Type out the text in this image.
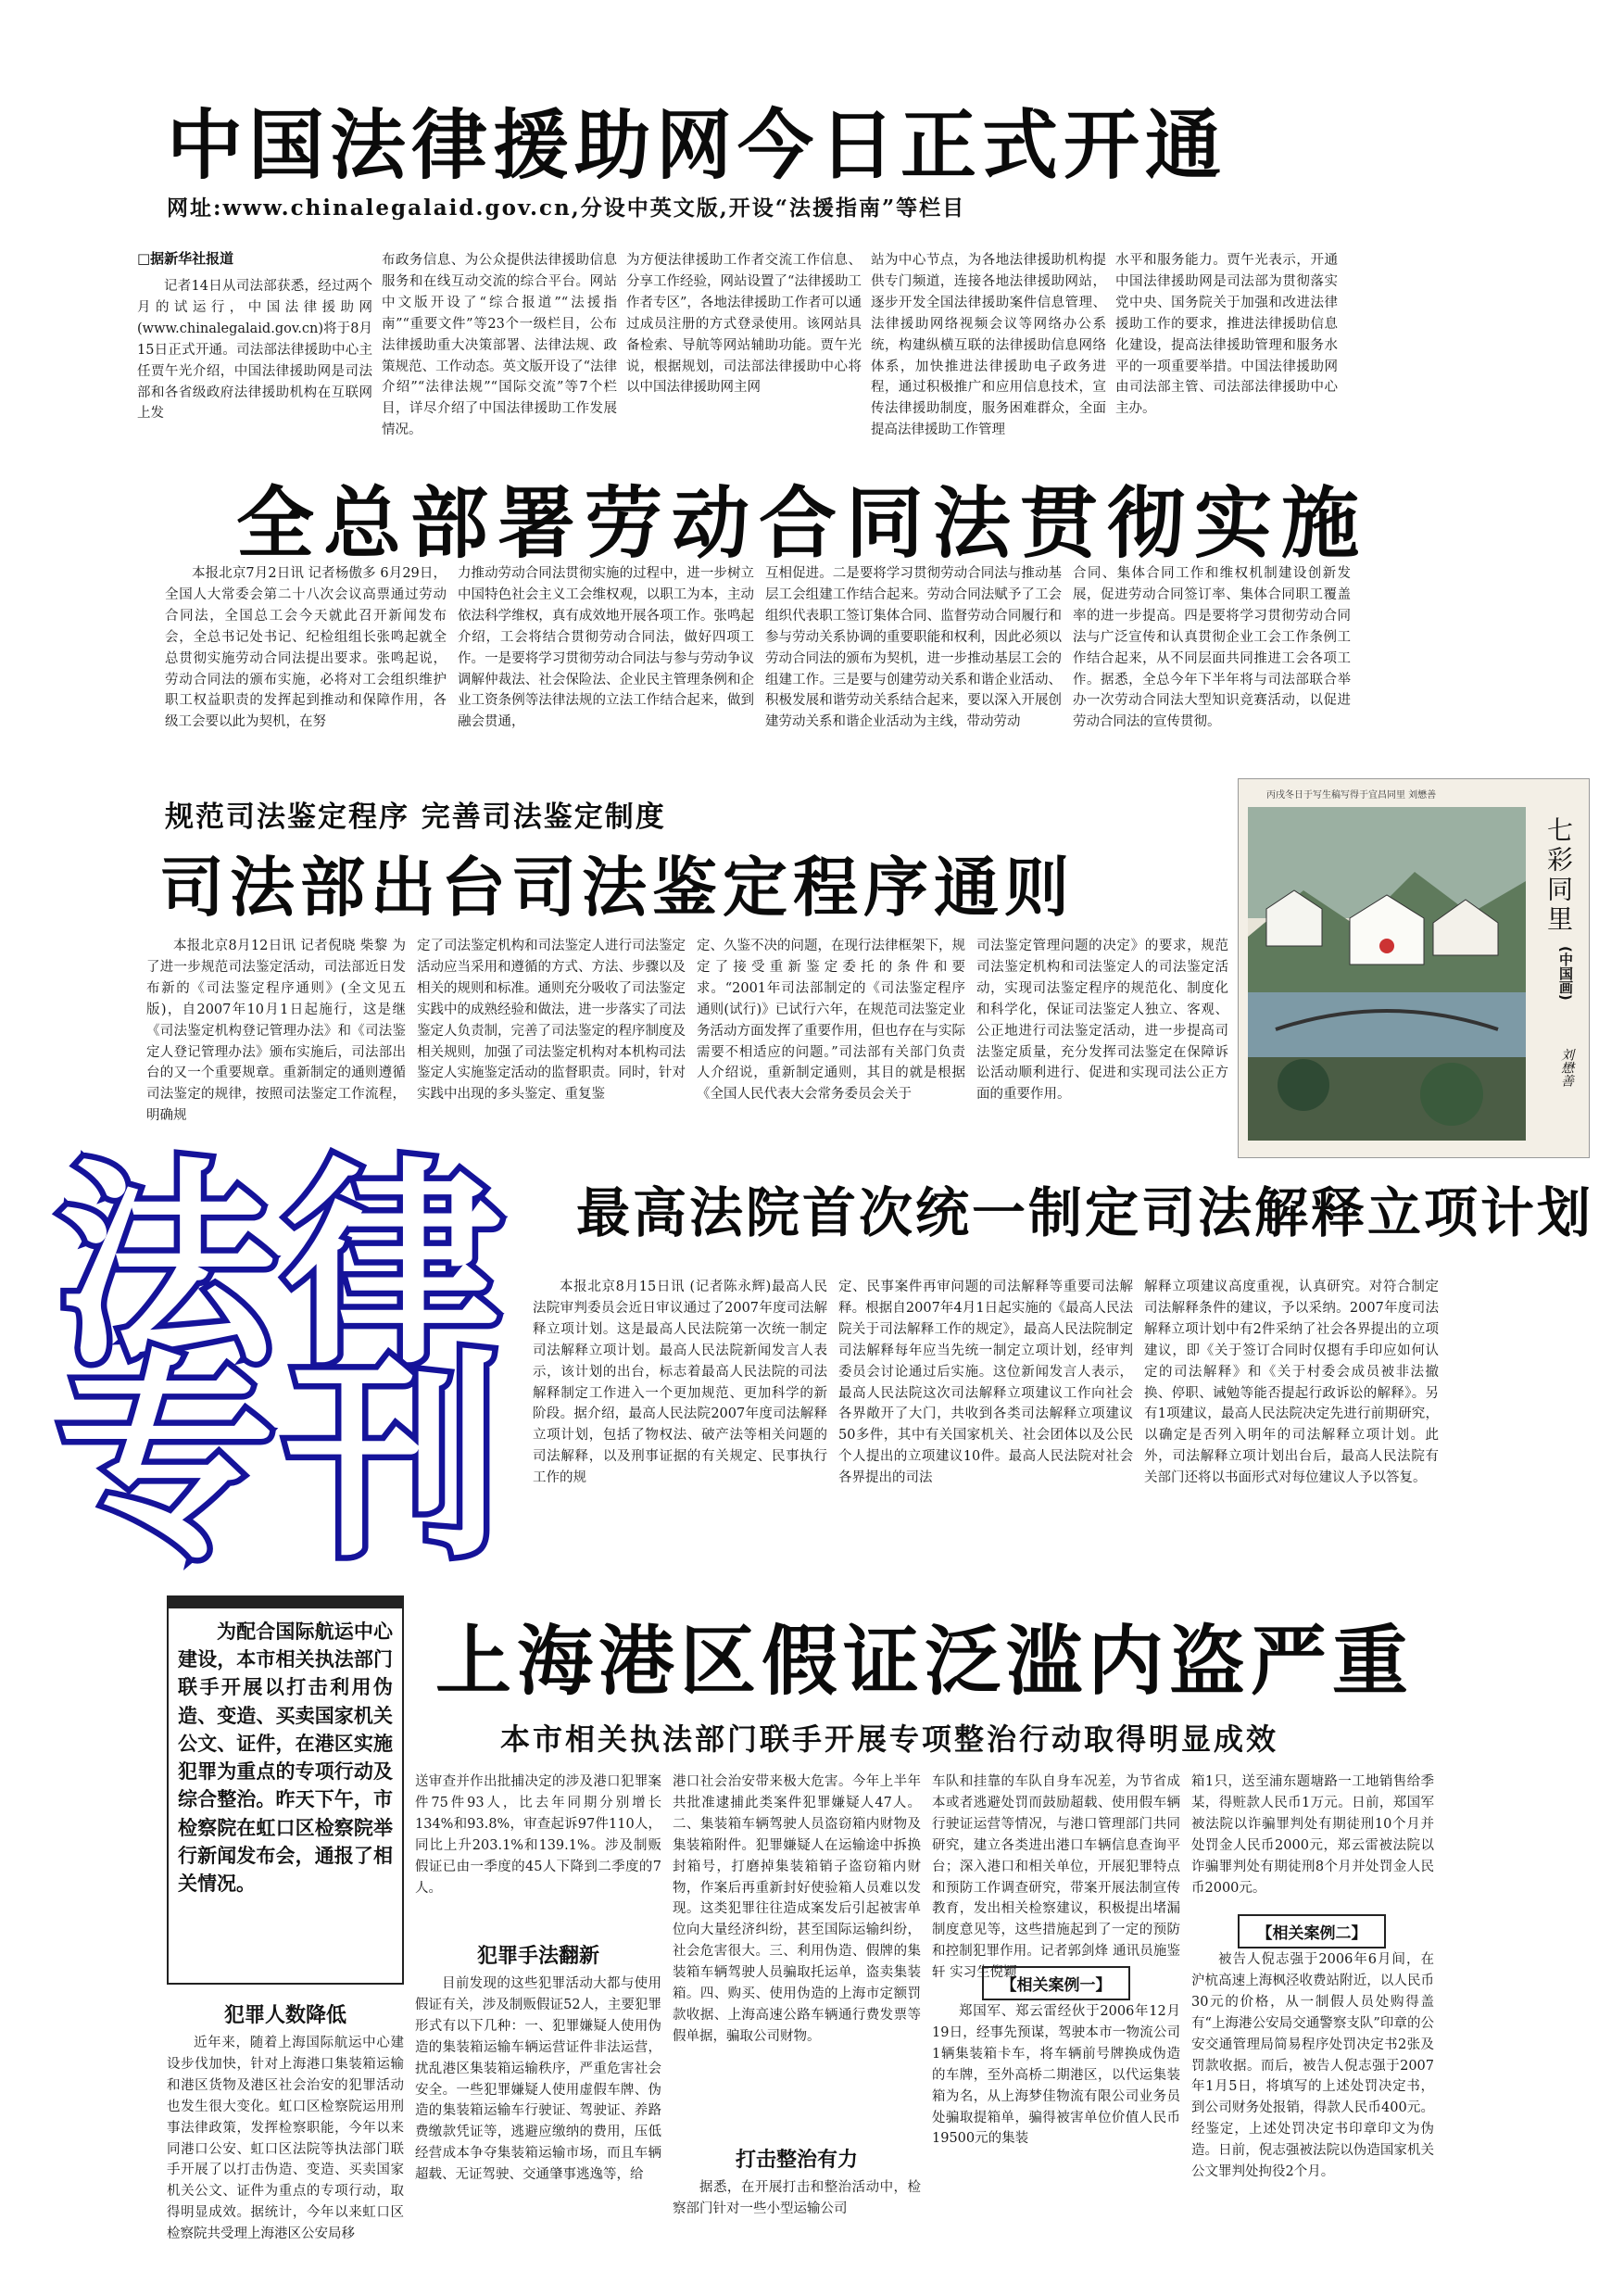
中国法律援助网今日正式开通
网址:www.chinalegalaid.gov.cn,分设中英文版,开设“法援指南”等栏目
□据新华社报道

记者14日从司法部获悉，经过两个月的试运行，中国法律援助网(www.chinalegalaid.gov.cn)将于8月15日正式开通。司法部法律援助中心主任贾午光介绍，中国法律援助网是司法部和各省级政府法律援助机构在互联网上发

布政务信息、为公众提供法律援助信息服务和在线互动交流的综合平台。网站中文版开设了“综合报道”“法援指南”“重要文件”等23个一级栏目，公布法律援助重大决策部署、法律法规、政策规范、工作动态。英文版开设了“法律介绍”“法律法规”“国际交流”等7个栏目，详尽介绍了中国法律援助工作发展情况。

为方便法律援助工作者交流工作信息、分享工作经验，网站设置了“法律援助工作者专区”，各地法律援助工作者可以通过成员注册的方式登录使用。该网站具备检索、导航等网站辅助功能。贾午光说，根据规划，司法部法律援助中心将以中国法律援助网主网

站为中心节点，为各地法律援助机构提供专门频道，连接各地法律援助网站，逐步开发全国法律援助案件信息管理、法律援助网络视频会议等网络办公系统，构建纵横互联的法律援助信息网络体系，加快推进法律援助电子政务进程，通过积极推广和应用信息技术，宣传法律援助制度，服务困难群众，全面提高法律援助工作管理

水平和服务能力。贾午光表示，开通中国法律援助网是司法部为贯彻落实党中央、国务院关于加强和改进法律援助工作的要求，推进法律援助信息化建设，提高法律援助管理和服务水平的一项重要举措。中国法律援助网由司法部主管、司法部法律援助中心主办。

全总部署劳动合同法贯彻实施

本报北京7月2日讯 记者杨傲多 6月29日，全国人大常委会第二十八次会议高票通过劳动合同法，全国总工会今天就此召开新闻发布会，全总书记处书记、纪检组组长张鸣起就全总贯彻实施劳动合同法提出要求。张鸣起说，劳动合同法的颁布实施，必将对工会组织维护职工权益职责的发挥起到推动和保障作用，各级工会要以此为契机，在努

力推动劳动合同法贯彻实施的过程中，进一步树立中国特色社会主义工会维权观，以职工为本，主动依法科学维权，真有成效地开展各项工作。张鸣起介绍，工会将结合贯彻劳动合同法，做好四项工作。一是要将学习贯彻劳动合同法与参与劳动争议调解仲裁法、社会保险法、企业民主管理条例和企业工资条例等法律法规的立法工作结合起来，做到融会贯通，

互相促进。二是要将学习贯彻劳动合同法与推动基层工会组建工作结合起来。劳动合同法赋予了工会组织代表职工签订集体合同、监督劳动合同履行和参与劳动关系协调的重要职能和权利，因此必须以劳动合同法的颁布为契机，进一步推动基层工会的组建工作。三是要与创建劳动关系和谐企业活动、积极发展和谐劳动关系结合起来，要以深入开展创建劳动关系和谐企业活动为主线，带动劳动

合同、集体合同工作和维权机制建设创新发展，促进劳动合同签订率、集体合同职工覆盖率的进一步提高。四是要将学习贯彻劳动合同法与广泛宣传和认真贯彻企业工会工作条例工作结合起来，从不同层面共同推进工会各项工作。据悉，全总今年下半年将与司法部联合举办一次劳动合同法大型知识竞赛活动，以促进劳动合同法的宣传贯彻。

规范司法鉴定程序 完善司法鉴定制度
司法部出台司法鉴定程序通则

本报北京8月12日讯 记者倪晓 柴黎 为了进一步规范司法鉴定活动，司法部近日发布新的《司法鉴定程序通则》(全文见五版)，自2007年10月1日起施行，这是继《司法鉴定机构登记管理办法》和《司法鉴定人登记管理办法》颁布实施后，司法部出台的又一个重要规章。重新制定的通则遵循司法鉴定的规律，按照司法鉴定工作流程，明确规

定了司法鉴定机构和司法鉴定人进行司法鉴定活动应当采用和遵循的方式、方法、步骤以及相关的规则和标准。通则充分吸收了司法鉴定实践中的成熟经验和做法，进一步落实了司法鉴定人负责制，完善了司法鉴定的程序制度及相关规则，加强了司法鉴定机构对本机构司法鉴定人实施鉴定活动的监督职责。同时，针对实践中出现的多头鉴定、重复鉴

定、久鉴不决的问题，在现行法律框架下，规定了接受重新鉴定委托的条件和要求。“2001年司法部制定的《司法鉴定程序通则(试行)》已试行六年，在规范司法鉴定业务活动方面发挥了重要作用，但也存在与实际需要不相适应的问题。”司法部有关部门负责人介绍说，重新制定通则，其目的就是根据《全国人民代表大会常务委员会关于

司法鉴定管理问题的决定》的要求，规范司法鉴定机构和司法鉴定人的司法鉴定活动，实现司法鉴定程序的规范化、制度化和科学化，保证司法鉴定人独立、客观、公正地进行司法鉴定活动，进一步提高司法鉴定质量，充分发挥司法鉴定在保障诉讼活动顺利进行、促进和实现司法公正方面的重要作用。

丙戌冬日于写生稿写得于宜昌同里 刘懋善
七彩同里
(中国画)
刘懋善
法律
专刊
最高法院首次统一制定司法解释立项计划

本报北京8月15日讯 (记者陈永辉)最高人民法院审判委员会近日审议通过了2007年度司法解释立项计划。这是最高人民法院第一次统一制定司法解释立项计划。最高人民法院新闻发言人表示，该计划的出台，标志着最高人民法院的司法解释制定工作进入一个更加规范、更加科学的新阶段。据介绍，最高人民法院2007年度司法解释立项计划，包括了物权法、破产法等相关问题的司法解释，以及刑事证据的有关规定、民事执行工作的规

定、民事案件再审问题的司法解释等重要司法解释。根据自2007年4月1日起实施的《最高人民法院关于司法解释工作的规定》，最高人民法院制定司法解释每年应当先统一制定立项计划，经审判委员会讨论通过后实施。这位新闻发言人表示，最高人民法院这次司法解释立项建议工作向社会各界敞开了大门，共收到各类司法解释立项建议50多件，其中有关国家机关、社会团体以及公民个人提出的立项建议10件。最高人民法院对社会各界提出的司法

解释立项建议高度重视，认真研究。对符合制定司法解释条件的建议，予以采纳。2007年度司法解释立项计划中有2件采纳了社会各界提出的立项建议，即《关于签订合同时仅摁有手印应如何认定的司法解释》和《关于村委会成员被非法撤换、停职、诫勉等能否提起行政诉讼的解释》。另有1项建议，最高人民法院决定先进行前期研究，以确定是否列入明年的司法解释立项计划。此外，司法解释立项计划出台后，最高人民法院有关部门还将以书面形式对每位建议人予以答复。

为配合国际航运中心建设，本市相关执法部门联手开展以打击利用伪造、变造、买卖国家机关公文、证件，在港区实施犯罪为重点的专项行动及综合整治。昨天下午，市检察院在虹口区检察院举行新闻发布会，通报了相关情况。

上海港区假证泛滥内盗严重
本市相关执法部门联手开展专项整治行动取得明显成效
犯罪人数降低

近年来，随着上海国际航运中心建设步伐加快，针对上海港口集装箱运输和港区货物及港区社会治安的犯罪活动也发生很大变化。虹口区检察院运用刑事法律政策，发挥检察职能，今年以来同港口公安、虹口区法院等执法部门联手开展了以打击伪造、变造、买卖国家机关公文、证件为重点的专项行动，取得明显成效。据统计，今年以来虹口区检察院共受理上海港区公安局移

送审查并作出批捕决定的涉及港口犯罪案件75件93人，比去年同期分别增长134%和93.8%，审查起诉97件110人，同比上升203.1%和139.1%。涉及制贩假证已由一季度的45人下降到二季度的7人。

犯罪手法翻新

目前发现的这些犯罪活动大都与使用假证有关，涉及制贩假证52人，主要犯罪形式有以下几种：一、犯罪嫌疑人使用伪造的集装箱运输车辆运营证件非法运营，扰乱港区集装箱运输秩序，严重危害社会安全。一些犯罪嫌疑人使用虚假车牌、伪造的集装箱运输车行驶证、驾驶证、养路费缴款凭证等，逃避应缴纳的费用，压低经营成本争夺集装箱运输市场，而且车辆超载、无证驾驶、交通肇事逃逸等，给

港口社会治安带来极大危害。今年上半年共批准逮捕此类案件犯罪嫌疑人47人。二、集装箱车辆驾驶人员盗窃箱内财物及集装箱附件。犯罪嫌疑人在运输途中拆换封箱号，打磨掉集装箱销子盗窃箱内财物，作案后再重新封好使验箱人员难以发现。这类犯罪往往造成案发后引起被害单位向大量经济纠纷，甚至国际运输纠纷，社会危害很大。三、利用伪造、假牌的集装箱车辆驾驶人员骗取托运单，盗卖集装箱。四、购买、使用伪造的上海市定额罚款收据、上海高速公路车辆通行费发票等假单据，骗取公司财物。

打击整治有力

据悉，在开展打击和整治活动中，检察部门针对一些小型运输公司

车队和挂靠的车队自身车况差，为节省成本或者逃避处罚而鼓励超载、使用假车辆行驶证运营等情况，与港口管理部门共同研究，建立各类进出港口车辆信息查询平台；深入港口和相关单位，开展犯罪特点和预防工作调查研究，带案开展法制宣传教育，发出相关检察建议，积极提出堵漏制度意见等，这些措施起到了一定的预防和控制犯罪作用。记者郭剑烽 通讯员施鉴轩 实习生倪颖

【相关案例一】

郑国军、郑云雷经伙于2006年12月19日，经事先预谋，驾驶本市一物流公司1辆集装箱卡车，将车辆前号牌换成伪造的车牌，至外高桥二期港区，以代运集装箱为名，从上海梦佳物流有限公司业务员处骗取提箱单，骗得被害单位价值人民币19500元的集装

箱1只，送至浦东题塘路一工地销售给季某，得赃款人民币1万元。日前，郑国军被法院以诈骗罪判处有期徒刑10个月并处罚金人民币2000元，郑云雷被法院以诈骗罪判处有期徒刑8个月并处罚金人民币2000元。

【相关案例二】

被告人倪志强于2006年6月间，在沪杭高速上海枫泾收费站附近，以人民币30元的价格，从一制假人员处购得盖有“上海港公安局交通警察支队”印章的公安交通管理局简易程序处罚决定书2张及罚款收据。而后，被告人倪志强于2007年1月5日，将填写的上述处罚决定书，到公司财务处报销，得款人民币400元。经鉴定，上述处罚决定书印章印文为伪造。日前，倪志强被法院以伪造国家机关公文罪判处拘役2个月。
